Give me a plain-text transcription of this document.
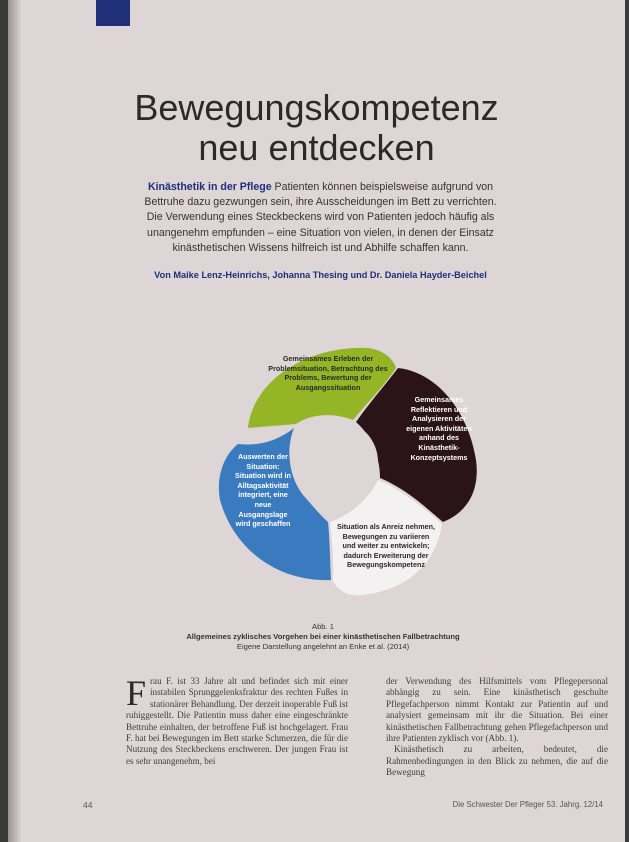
Bewegungskompetenz
neu entdecken
Kinästhetik in der Pflege Patienten können beispielsweise aufgrund von Bettruhe dazu gezwungen sein, ihre Ausscheidungen im Bett zu verrichten. Die Verwendung eines Steckbeckens wird von Patienten jedoch häufig als unangenehm empfunden – eine Situation von vielen, in denen der Einsatz kinästhetischen Wissens hilfreich ist und Abhilfe schaffen kann.
Von Maike Lenz-Heinrichs, Johanna Thesing und Dr. Daniela Hayder-Beichel
Gemeinsames Erleben der Problemsituation, Betrachtung des Problems, Bewertung der Ausgangssituation
Gemeinsames Reflektieren und Analysieren der eigenen Aktivitäten anhand des Kinästhetik-Konzeptsystems
Situation als Anreiz nehmen, Bewegungen zu variieren und weiter zu entwickeln; dadurch Erweiterung der Bewegungskompetenz
Auswerten der Situation: Situation wird in Alltagsaktivität integriert, eine neue Ausgangslage wird geschaffen
Abb. 1
Allgemeines zyklisches Vorgehen bei einer kinästhetischen Fallbetrachtung
Eigene Darstellung angelehnt an Enke et al. (2014)
Frau F. ist 33 Jahre alt und befindet sich mit einer instabilen Sprunggelenksfraktur des rechten Fußes in stationärer Behandlung. Der derzeit inoperable Fuß ist ruhiggestellt. Die Patientin muss daher eine eingeschränkte Bettruhe einhalten, der betroffene Fuß ist hochgelagert. Frau F. hat bei Bewegungen im Bett starke Schmerzen, die für die Nutzung des Steckbeckens erschweren. Der jungen Frau ist es sehr unangenehm, bei
der Verwendung des Hilfsmittels vom Pflegepersonal abhängig zu sein. Eine kinästhetisch geschulte Pflegefachperson nimmt Kontakt zur Patientin auf und analysiert gemeinsam mit ihr die Situation. Bei einer kinästhetischen Fallbetrachtung gehen Pflegefachperson und ihre Patienten zyklisch vor (Abb. 1).
Kinästhetisch zu arbeiten, bedeutet, die Rahmenbedingungen in den Blick zu nehmen, die auf die Bewegung
44	Die Schwester Der Pfleger 53. Jahrg. 12/14
